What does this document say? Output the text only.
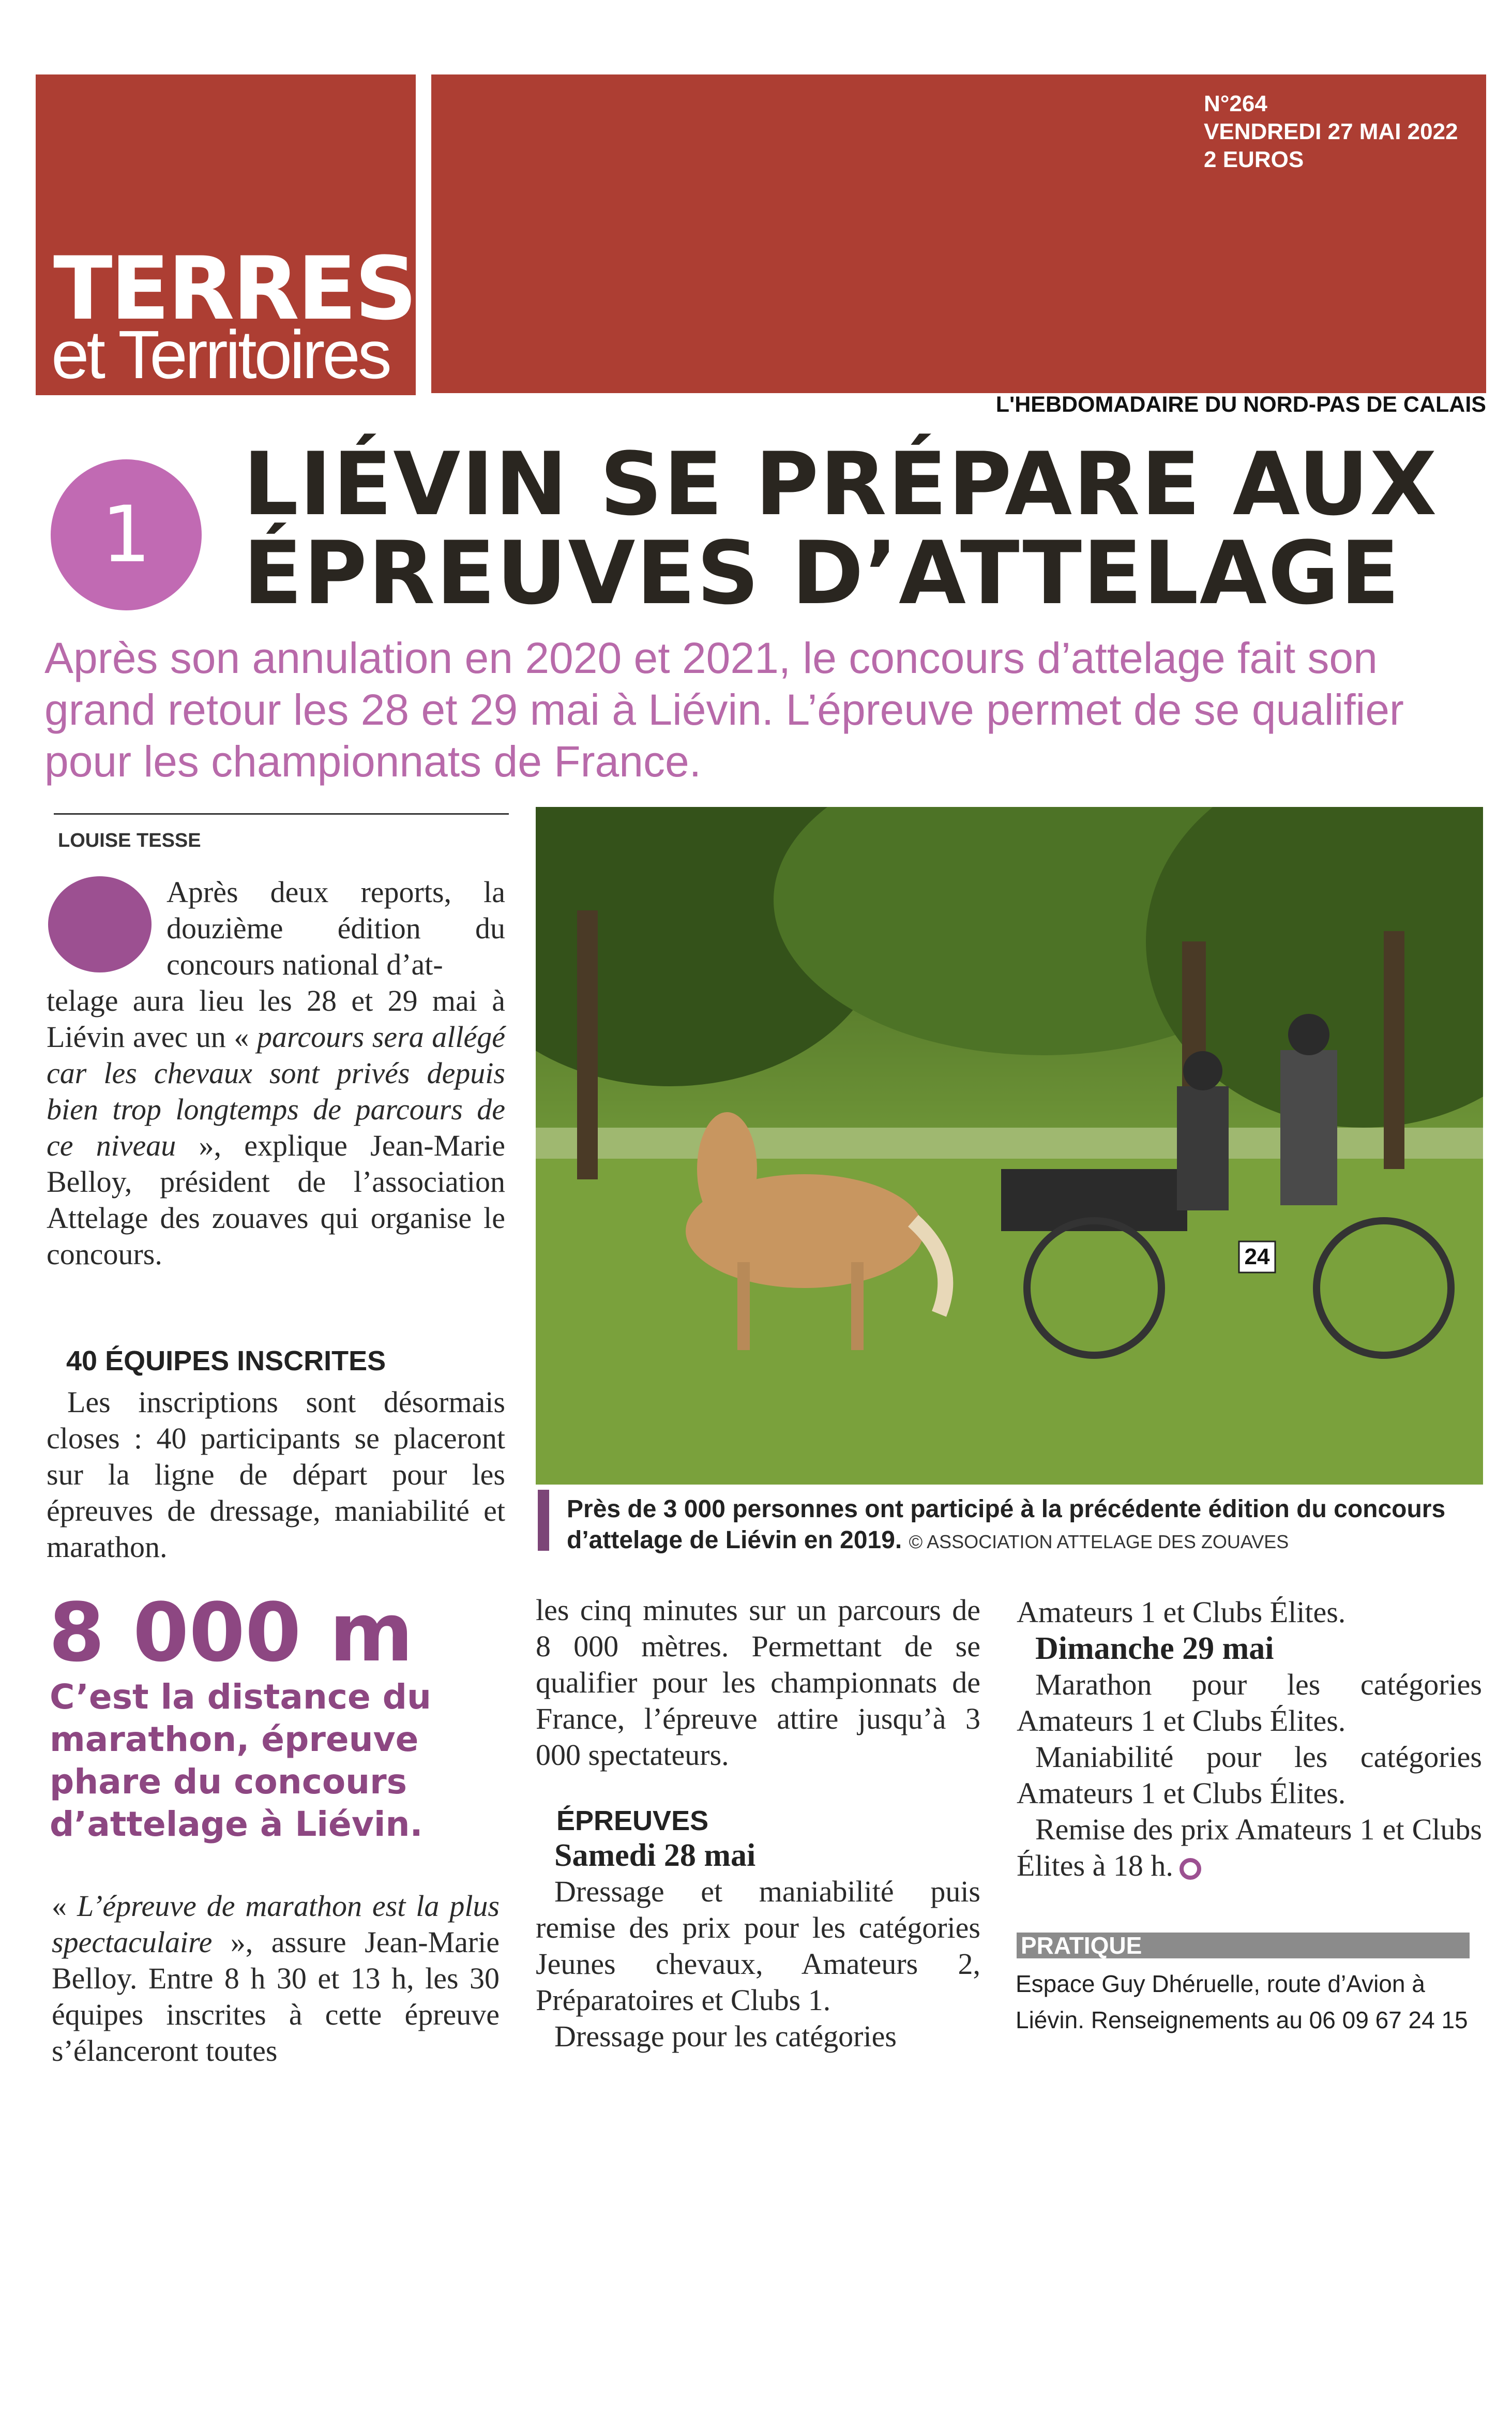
TERRES
et Territoires
N°264
VENDREDI 27 MAI 2022
2 EUROS
L'HEBDOMADAIRE DU NORD-PAS DE CALAIS
1	LIÉVIN SE PRÉPARE AUX
ÉPREUVES D’ATTELAGE
Après son annulation en 2020 et 2021, le concours d’attelage fait son grand retour les 28 et 29 mai à Liévin. L’épreuve permet de se qualifier pour les championnats de France.
LOUISE TESSE
Après deux reports, la douzième édition du concours national d’at-
telage aura lieu les 28 et 29 mai à Liévin avec un « parcours sera allégé car les chevaux sont privés depuis bien trop longtemps de parcours de ce niveau », explique Jean-Marie Belloy, président de l’association Attelage des zouaves qui organise le concours.
40 ÉQUIPES INSCRITES
Les inscriptions sont désormais closes : 40 participants se placeront sur la ligne de départ pour les épreuves de dressage, maniabilité et marathon.
24
Près de 3 000 personnes ont participé à la précédente édition du concours d’attelage de Liévin en 2019. © ASSOCIATION ATTELAGE DES ZOUAVES
8 000 m
C’est la distance du marathon, épreuve phare du concours d’attelage à Liévin.
« L’épreuve de marathon est la plus spectaculaire », assure Jean-Marie Belloy. Entre 8 h 30 et 13 h, les 30 équipes inscrites à cette épreuve s’élanceront toutes
les cinq minutes sur un parcours de 8 000 mètres. Permettant de se qualifier pour les championnats de France, l’épreuve attire jusqu’à 3 000 spectateurs.
ÉPREUVES
Samedi 28 mai
Dressage et maniabilité puis remise des prix pour les catégories Jeunes chevaux, Amateurs 2, Préparatoires et Clubs 1.
Dressage pour les catégories
Amateurs 1 et Clubs Élites.
Dimanche 29 mai
Marathon pour les catégories Amateurs 1 et Clubs Élites.
Maniabilité pour les catégories Amateurs 1 et Clubs Élites.
Remise des prix Amateurs 1 et Clubs Élites à 18 h.
PRATIQUE
Espace Guy Dhéruelle, route d’Avion à Liévin. Renseignements au 06 09 67 24 15
